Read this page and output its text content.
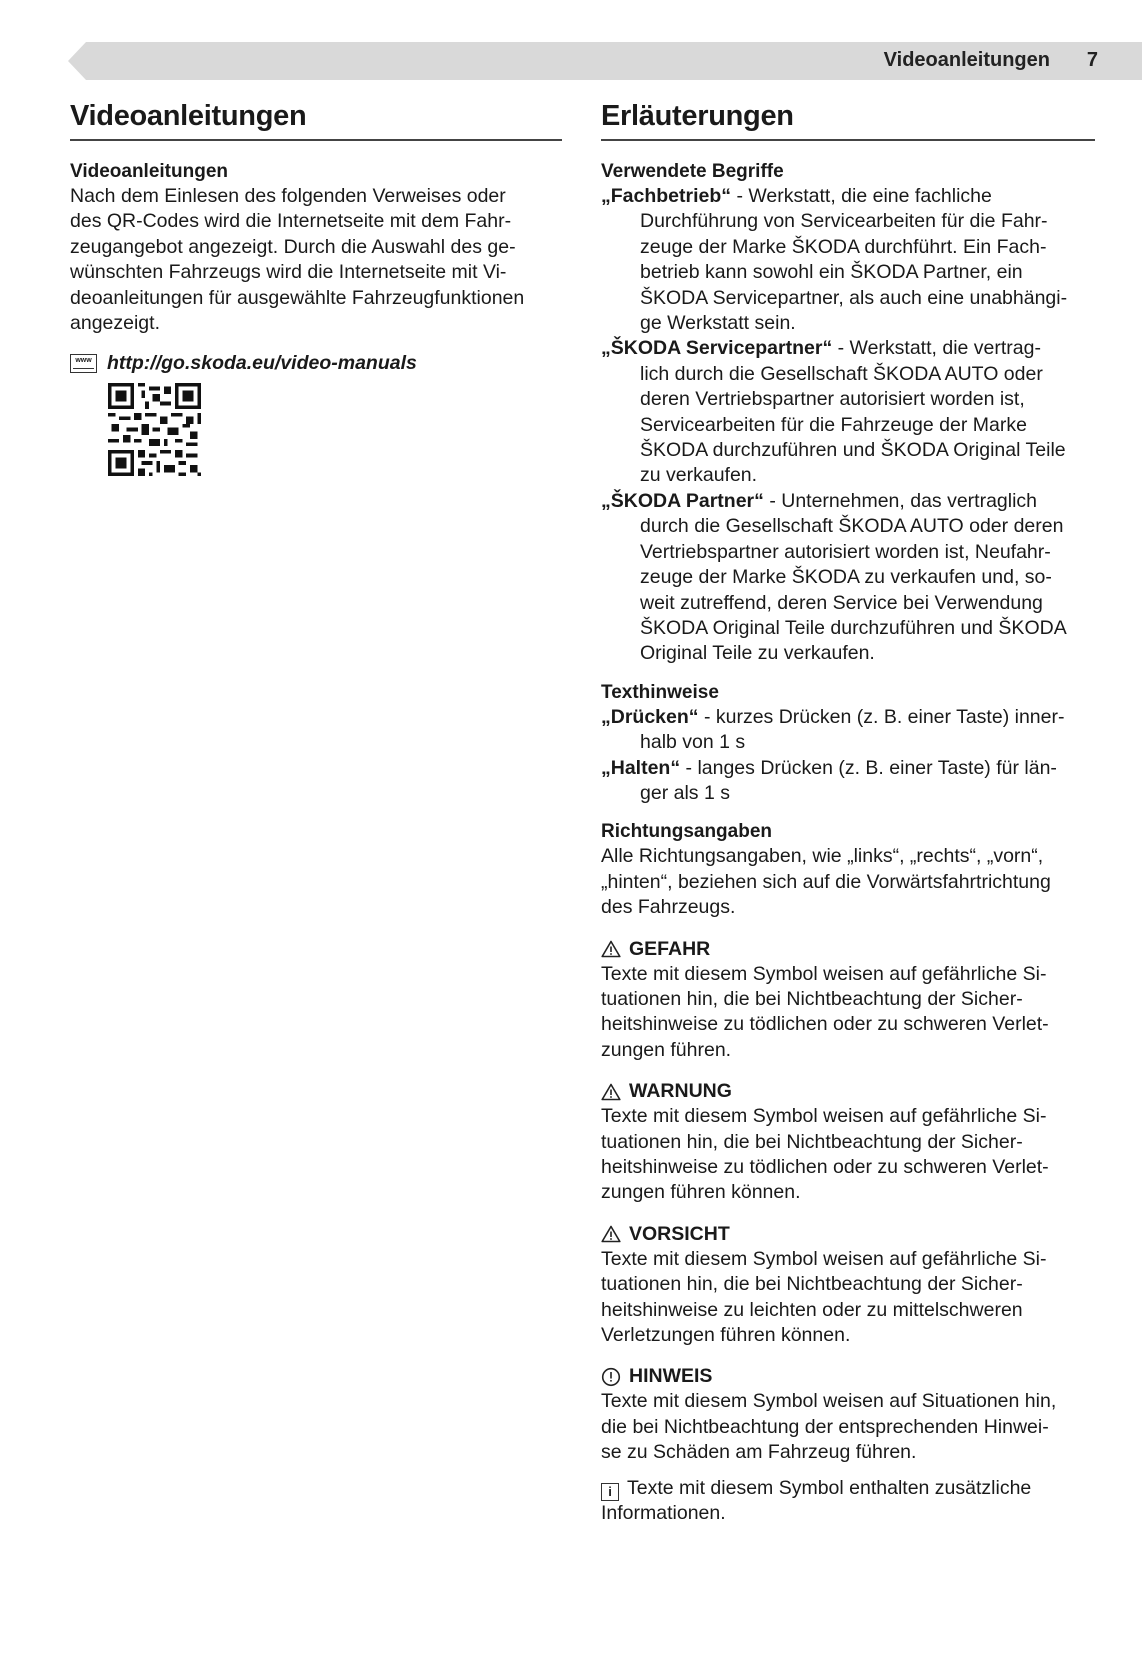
Videoanleitungen 7
Videoanleitungen
Videoanleitungen
Nach dem Einlesen des folgenden Verweises oder
des QR-Codes wird die Internetseite mit dem Fahr-
zeugangebot angezeigt. Durch die Auswahl des ge-
wünschten Fahrzeugs wird die Internetseite mit Vi-
deoanleitungen für ausgewählte Fahrzeugfunktionen
angezeigt.
www http://go.skoda.eu/video-manuals
Erläuterungen
Verwendete Begriffe
„Fachbetrieb“ - Werkstatt, die eine fachliche
Durchführung von Servicearbeiten für die Fahr-
zeuge der Marke ŠKODA durchführt. Ein Fach-
betrieb kann sowohl ein ŠKODA Partner, ein
ŠKODA Servicepartner, als auch eine unabhängi-
ge Werkstatt sein.
„ŠKODA Servicepartner“ - Werkstatt, die vertrag-
lich durch die Gesellschaft ŠKODA AUTO oder
deren Vertriebspartner autorisiert worden ist,
Servicearbeiten für die Fahrzeuge der Marke
ŠKODA durchzuführen und ŠKODA Original Teile
zu verkaufen.
„ŠKODA Partner“ - Unternehmen, das vertraglich
durch die Gesellschaft ŠKODA AUTO oder deren
Vertriebspartner autorisiert worden ist, Neufahr-
zeuge der Marke ŠKODA zu verkaufen und, so-
weit zutreffend, deren Service bei Verwendung
ŠKODA Original Teile durchzuführen und ŠKODA
Original Teile zu verkaufen.
Texthinweise
„Drücken“ - kurzes Drücken (z. B. einer Taste) inner-
halb von 1 s
„Halten“ - langes Drücken (z. B. einer Taste) für län-
ger als 1 s
Richtungsangaben
Alle Richtungsangaben, wie „links“, „rechts“, „vorn“,
„hinten“, beziehen sich auf die Vorwärtsfahrtrichtung
des Fahrzeugs.
GEFAHR
Texte mit diesem Symbol weisen auf gefährliche Si-
tuationen hin, die bei Nichtbeachtung der Sicher-
heitshinweise zu tödlichen oder zu schweren Verlet-
zungen führen.
WARNUNG
Texte mit diesem Symbol weisen auf gefährliche Si-
tuationen hin, die bei Nichtbeachtung der Sicher-
heitshinweise zu tödlichen oder zu schweren Verlet-
zungen führen können.
VORSICHT
Texte mit diesem Symbol weisen auf gefährliche Si-
tuationen hin, die bei Nichtbeachtung der Sicher-
heitshinweise zu leichten oder zu mittelschweren
Verletzungen führen können.
HINWEIS
Texte mit diesem Symbol weisen auf Situationen hin,
die bei Nichtbeachtung der entsprechenden Hinwei-
se zu Schäden am Fahrzeug führen.
i Texte mit diesem Symbol enthalten zusätzliche
Informationen.
